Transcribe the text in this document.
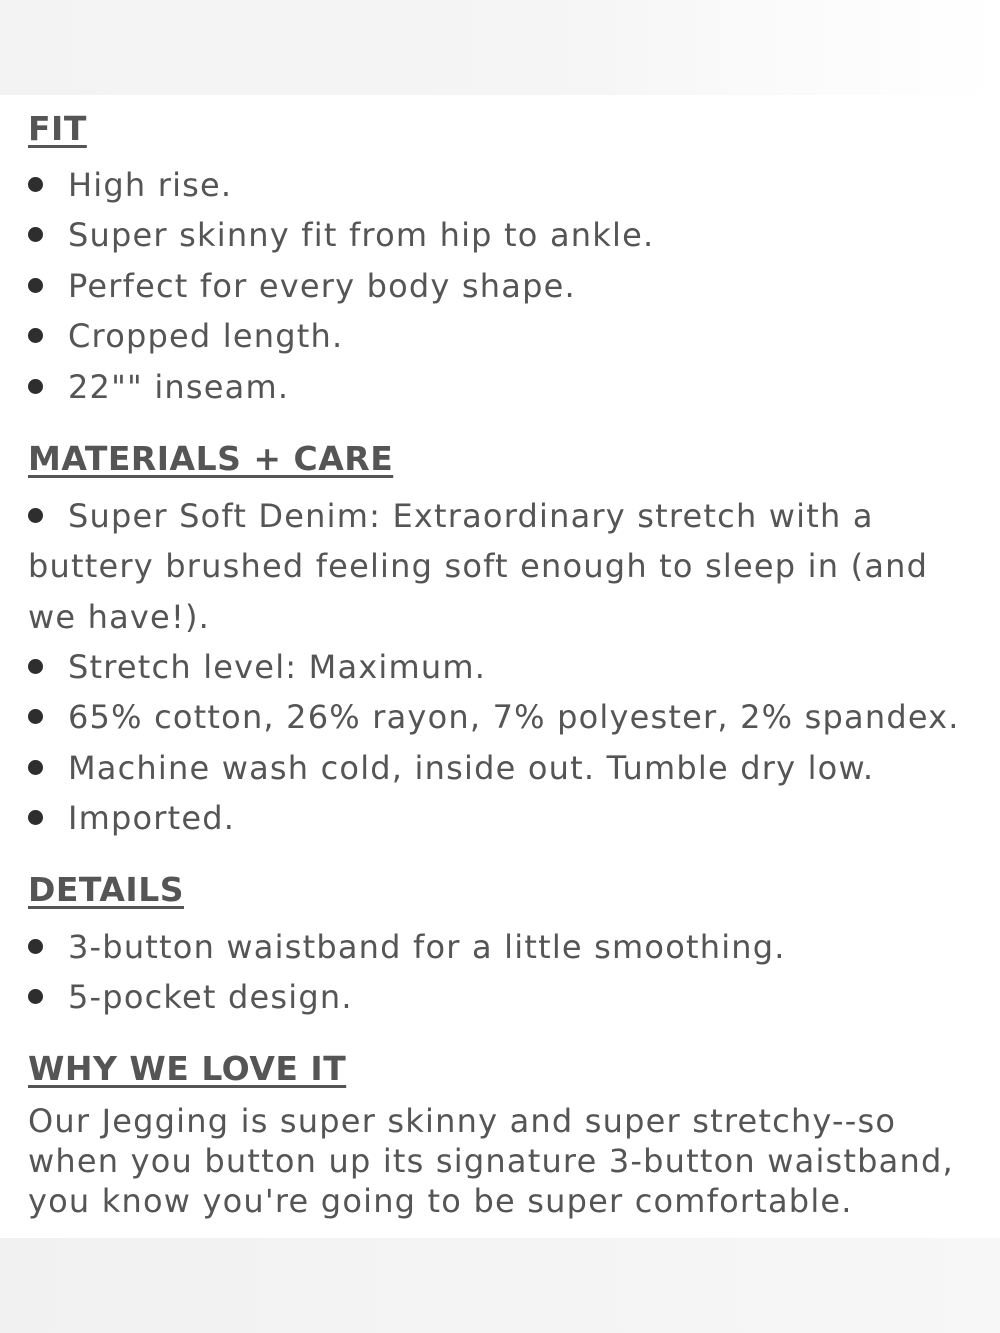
FIT
High rise.
Super skinny fit from hip to ankle.
Perfect for every body shape.
Cropped length.
22"" inseam.
MATERIALS + CARE

Super Soft Denim: Extraordinary stretch with a buttery brushed feeling soft enough to sleep in (and we have!).

Stretch level: Maximum.
65% cotton, 26% rayon, 7% polyester, 2% spandex.
Machine wash cold, inside out. Tumble dry low.
Imported.
DETAILS
3-button waistband for a little smoothing.
5-pocket design.
WHY WE LOVE IT

Our Jegging is super skinny and super stretchy--so when you button up its signature 3-button waistband, you know you're going to be super comfortable.
